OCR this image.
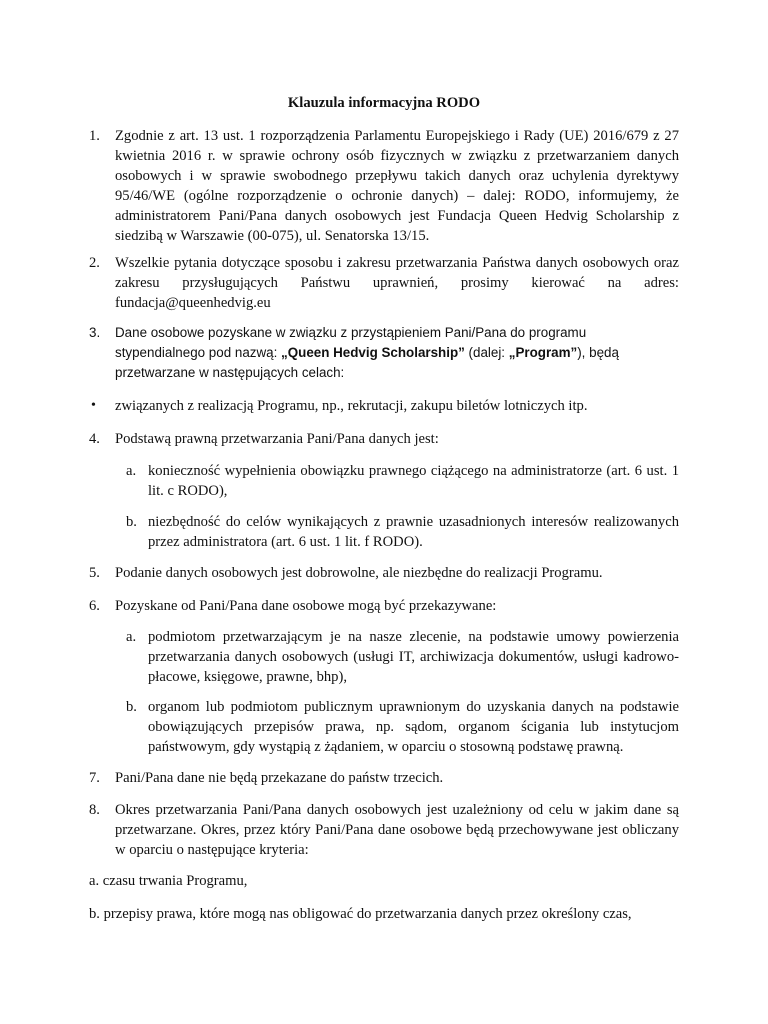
Klauzula informacyjna RODO
1. Zgodnie z art. 13 ust. 1 rozporządzenia Parlamentu Europejskiego i Rady (UE) 2016/679 z 27 kwietnia 2016 r. w sprawie ochrony osób fizycznych w związku z przetwarzaniem danych osobowych i w sprawie swobodnego przepływu takich danych oraz uchylenia dyrektywy 95/46/WE (ogólne rozporządzenie o ochronie danych) – dalej: RODO, informujemy, że administratorem Pani/Pana danych osobowych jest Fundacja Queen Hedvig Scholarship z siedzibą w Warszawie (00-075), ul. Senatorska 13/15.
2. Wszelkie pytania dotyczące sposobu i zakresu przetwarzania Państwa danych osobowych oraz zakresu przysługujących Państwu uprawnień, prosimy kierować na adres: fundacja@queenhedvig.eu
3. Dane osobowe pozyskane w związku z przystąpieniem Pani/Pana do programu stypendialnego pod nazwą: „Queen Hedvig Scholarship” (dalej: „Program”), będą przetwarzane w następujących celach:
• związanych z realizacją Programu, np., rekrutacji, zakupu biletów lotniczych itp.
4. Podstawą prawną przetwarzania Pani/Pana danych jest:
a. konieczność wypełnienia obowiązku prawnego ciążącego na administratorze (art. 6 ust. 1 lit. c RODO),
b. niezbędność do celów wynikających z prawnie uzasadnionych interesów realizowanych przez administratora (art. 6 ust. 1 lit. f RODO).
5. Podanie danych osobowych jest dobrowolne, ale niezbędne do realizacji Programu.
6. Pozyskane od Pani/Pana dane osobowe mogą być przekazywane:
a. podmiotom przetwarzającym je na nasze zlecenie, na podstawie umowy powierzenia przetwarzania danych osobowych (usługi IT, archiwizacja dokumentów, usługi kadrowo-płacowe, księgowe, prawne, bhp),
b. organom lub podmiotom publicznym uprawnionym do uzyskania danych na podstawie obowiązujących przepisów prawa, np. sądom, organom ścigania lub instytucjom państwowym, gdy wystąpią z żądaniem, w oparciu o stosowną podstawę prawną.
7. Pani/Pana dane nie będą przekazane do państw trzecich.
8. Okres przetwarzania Pani/Pana danych osobowych jest uzależniony od celu w jakim dane są przetwarzane. Okres, przez który Pani/Pana dane osobowe będą przechowywane jest obliczany w oparciu o następujące kryteria:
a. czasu trwania Programu,
b. przepisy prawa, które mogą nas obligować do przetwarzania danych przez określony czas,
